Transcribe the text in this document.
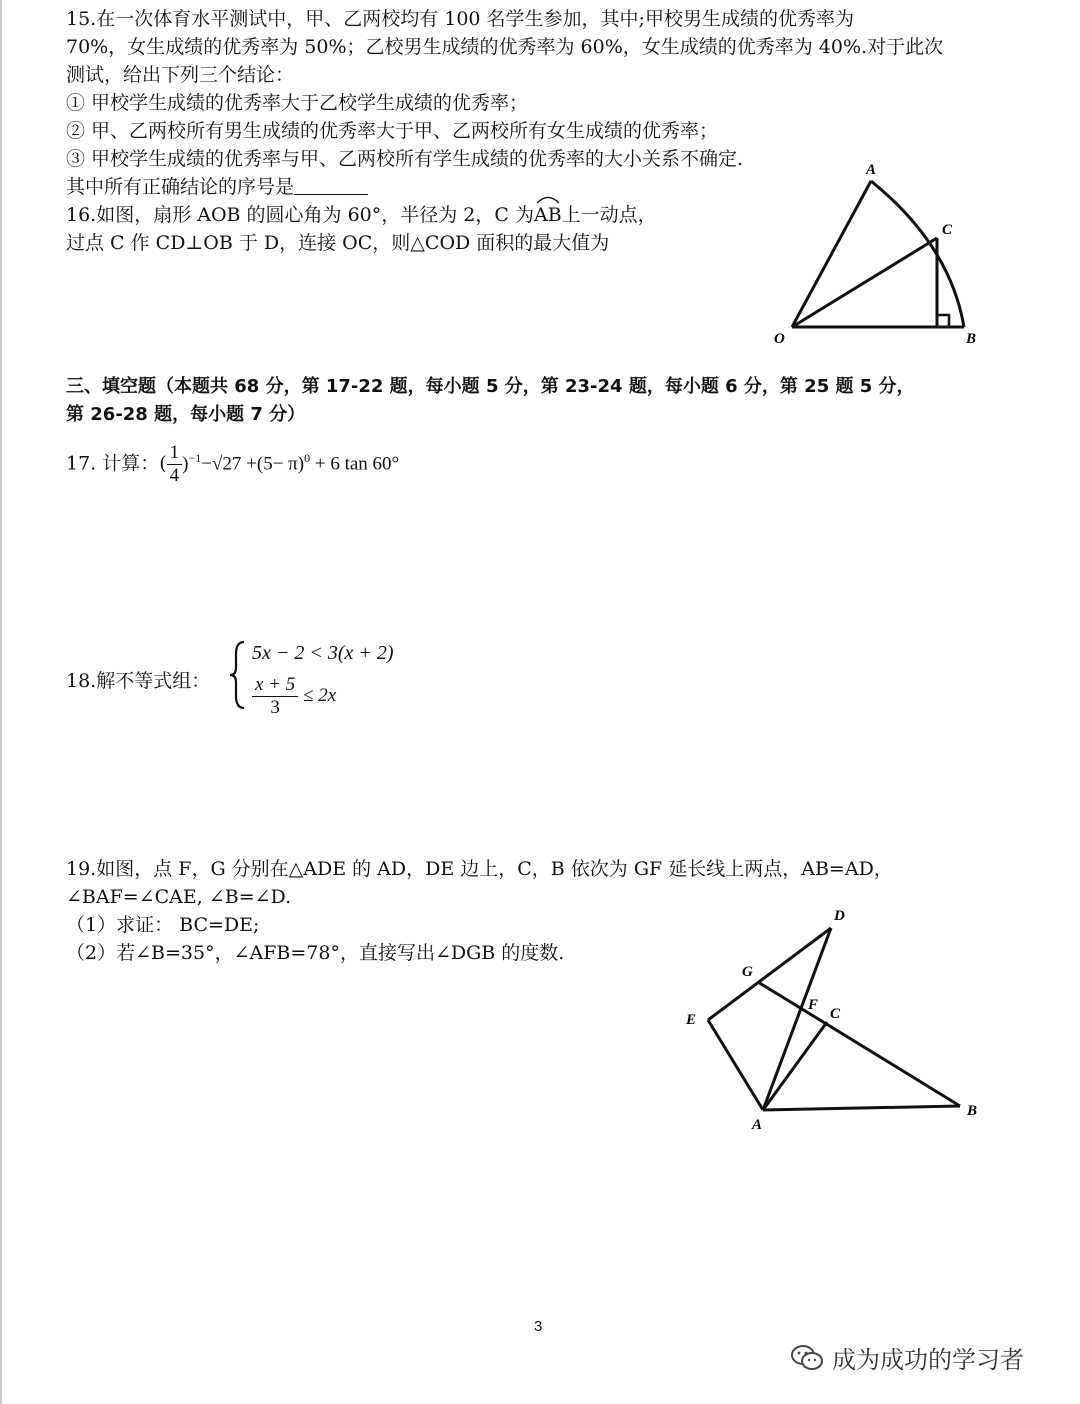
15.在一次体育水平测试中，甲、乙两校均有 100 名学生参加，其中;甲校男生成绩的优秀率为
70%，女生成绩的优秀率为 50%；乙校男生成绩的优秀率为 60%，女生成绩的优秀率为 40%.对于此次
测试，给出下列三个结论：
① 甲校学生成绩的优秀率大于乙校学生成绩的优秀率；
② 甲、乙两校所有男生成绩的优秀率大于甲、乙两校所有女生成绩的优秀率；
③ 甲校学生成绩的优秀率与甲、乙两校所有学生成绩的优秀率的大小关系不确定.
其中所有正确结论的序号是
16.如图，扇形 AOB 的圆心角为 60°，半径为 2，C 为
AB上一动点，
过点 C 作 CD⊥OB 于 D，连接 OC，则△COD 面积的最大值为
A
C
O	B
三、填空题（本题共 68 分，第 17-22 题，每小题 5 分，第 23-24 题，每小题 6 分，第 25 题 5 分，
第 26-28 题，每小题 7 分）
17. 计算：( $\frac{1}{4} )^{-1}-√27 +(5- \pi)^0 + 6$ tan 60°
18.解不等式组：
5x − 2 < 3(x + 2)
$\frac{x + 5}{3} \le 2x$
19.如图，点 F，G 分别在△ADE 的 AD，DE 边上，C，B 依次为 GF 延长线上两点，AB=AD，
∠BAF=∠CAE, ∠B=∠D.
（1）求证： BC=DE;
（2）若∠B=35°，∠AFB=78°，直接写出∠DGB 的度数.
D
G
F
C
E
A
B
3
成为成功的学习者
